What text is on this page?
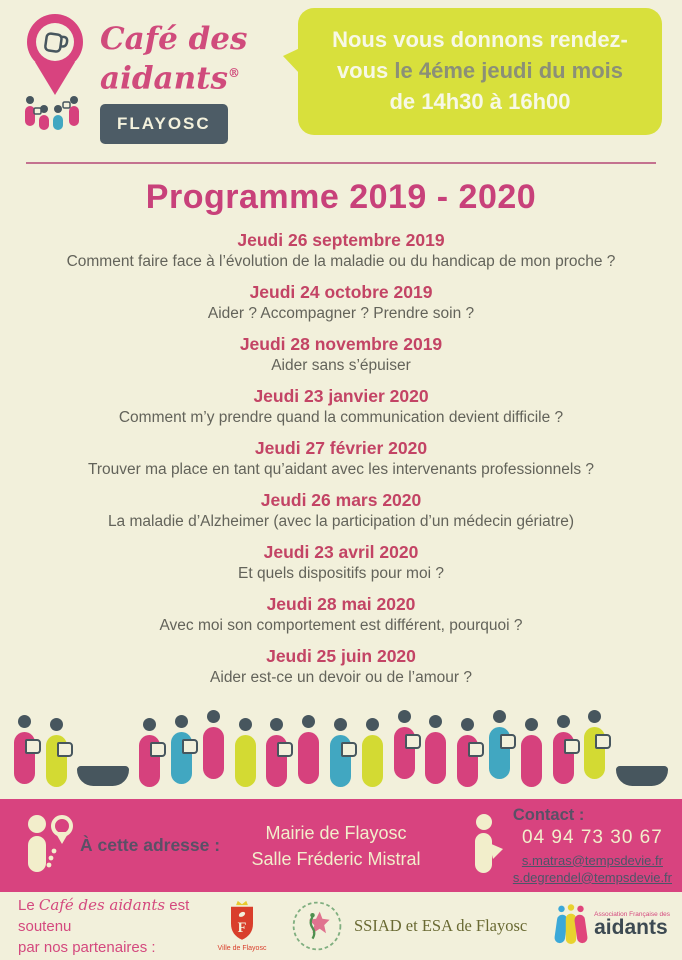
Café des
aidants®
FLAYOSC
Nous vous donnons rendez-
vous le 4éme jeudi du mois
de 14h30 à 16h00
Programme 2019 - 2020
Jeudi 26 septembre 2019
Comment faire face à l’évolution de la maladie ou du handicap de mon proche ?
Jeudi 24 octobre 2019
Aider ? Accompagner ? Prendre soin ?
Jeudi 28 novembre 2019
Aider sans s’épuiser
Jeudi 23 janvier 2020
Comment m’y prendre quand la communication devient difficile ?
Jeudi 27 février 2020
Trouver ma place en tant qu’aidant avec les intervenants professionnels ?
Jeudi 26 mars 2020
La maladie d’Alzheimer (avec la participation d’un médecin gériatre)
Jeudi 23 avril 2020
Et quels dispositifs pour moi ?
Jeudi 28 mai 2020
Avec moi son comportement est différent, pourquoi ?
Jeudi 25 juin 2020
Aider est-ce un devoir ou de l’amour ?
À cette adresse :
Mairie de Flayosc
Salle Fréderic Mistral
Contact :
04 94 73 30 67
s.matras@tempsdevie.fr
s.degrendel@tempsdevie.fr
Le Café des aidants est soutenu
par nos partenaires :
F
Ville de Flayosc
SSIAD et ESA de Flayosc
Association Française des
aidants
